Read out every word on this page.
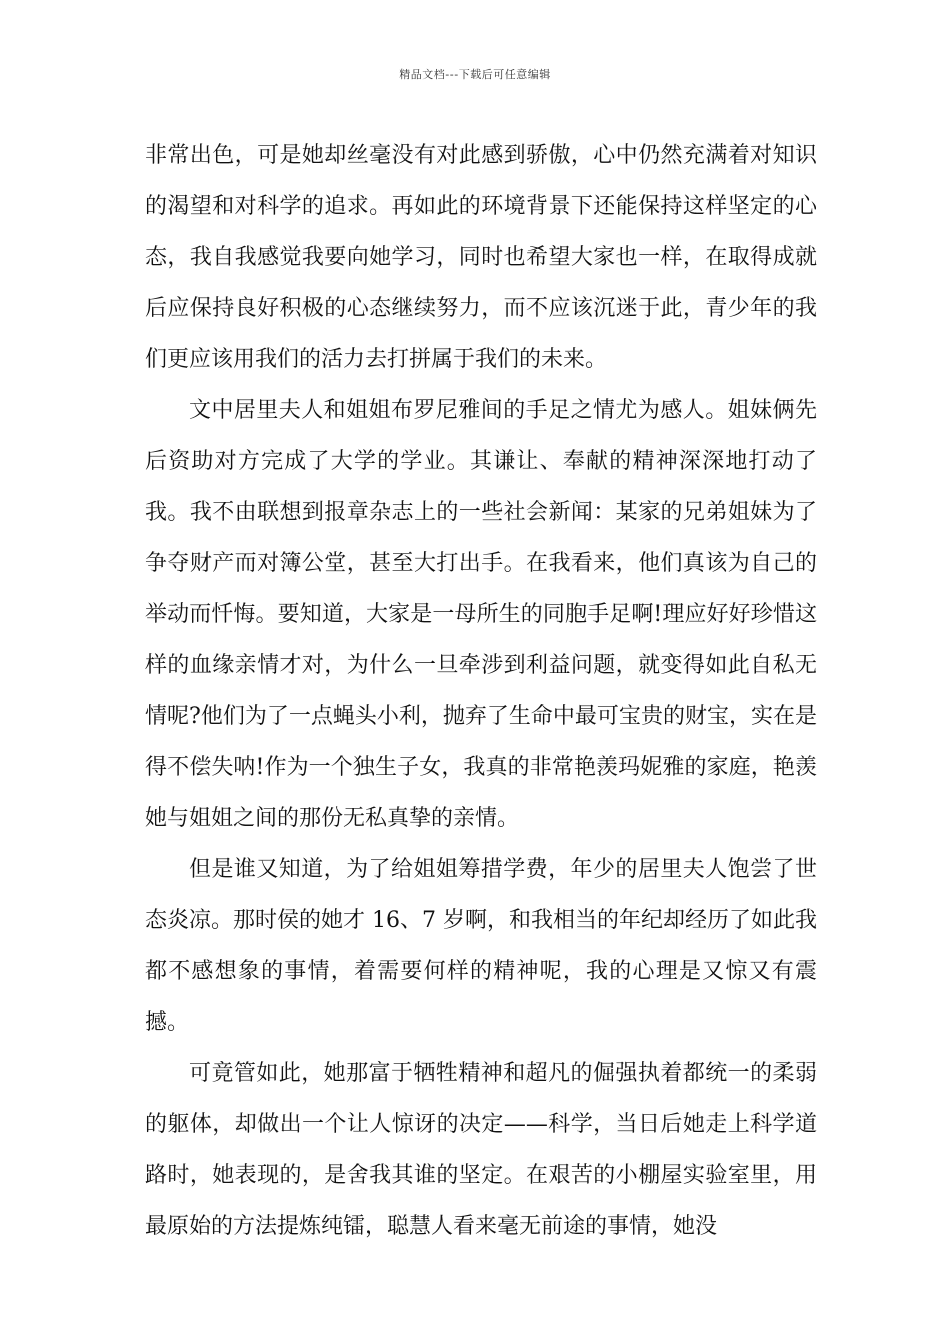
精品文档---下载后可任意编辑

非常出色，可是她却丝毫没有对此感到骄傲，心中仍然充满着对知识的渴望和对科学的追求。再如此的环境背景下还能保持这样坚定的心态，我自我感觉我要向她学习，同时也希望大家也一样，在取得成就后应保持良好积极的心态继续努力，而不应该沉迷于此，青少年的我们更应该用我们的活力去打拼属于我们的未来。

文中居里夫人和姐姐布罗尼雅间的手足之情尤为感人。姐妹俩先后资助对方完成了大学的学业。其谦让、奉献的精神深深地打动了我。我不由联想到报章杂志上的一些社会新闻：某家的兄弟姐妹为了争夺财产而对簿公堂，甚至大打出手。在我看来，他们真该为自己的举动而忏悔。要知道，大家是一母所生的同胞手足啊!理应好好珍惜这样的血缘亲情才对，为什么一旦牵涉到利益问题，就变得如此自私无情呢?他们为了一点蝇头小利，抛弃了生命中最可宝贵的财宝，实在是得不偿失呐!作为一个独生子女，我真的非常艳羡玛妮雅的家庭，艳羡她与姐姐之间的那份无私真挚的亲情。

但是谁又知道，为了给姐姐筹措学费，年少的居里夫人饱尝了世态炎凉。那时侯的她才 16、7 岁啊，和我相当的年纪却经历了如此我都不感想象的事情，着需要何样的精神呢，我的心理是又惊又有震撼。

可竟管如此，她那富于牺牲精神和超凡的倔强执着都统一的柔弱的躯体，却做出一个让人惊讶的决定——科学，当日后她走上科学道路时，她表现的，是舍我其谁的坚定。在艰苦的小棚屋实验室里，用最原始的方法提炼纯镭，聪慧人看来毫无前途的事情，她没
